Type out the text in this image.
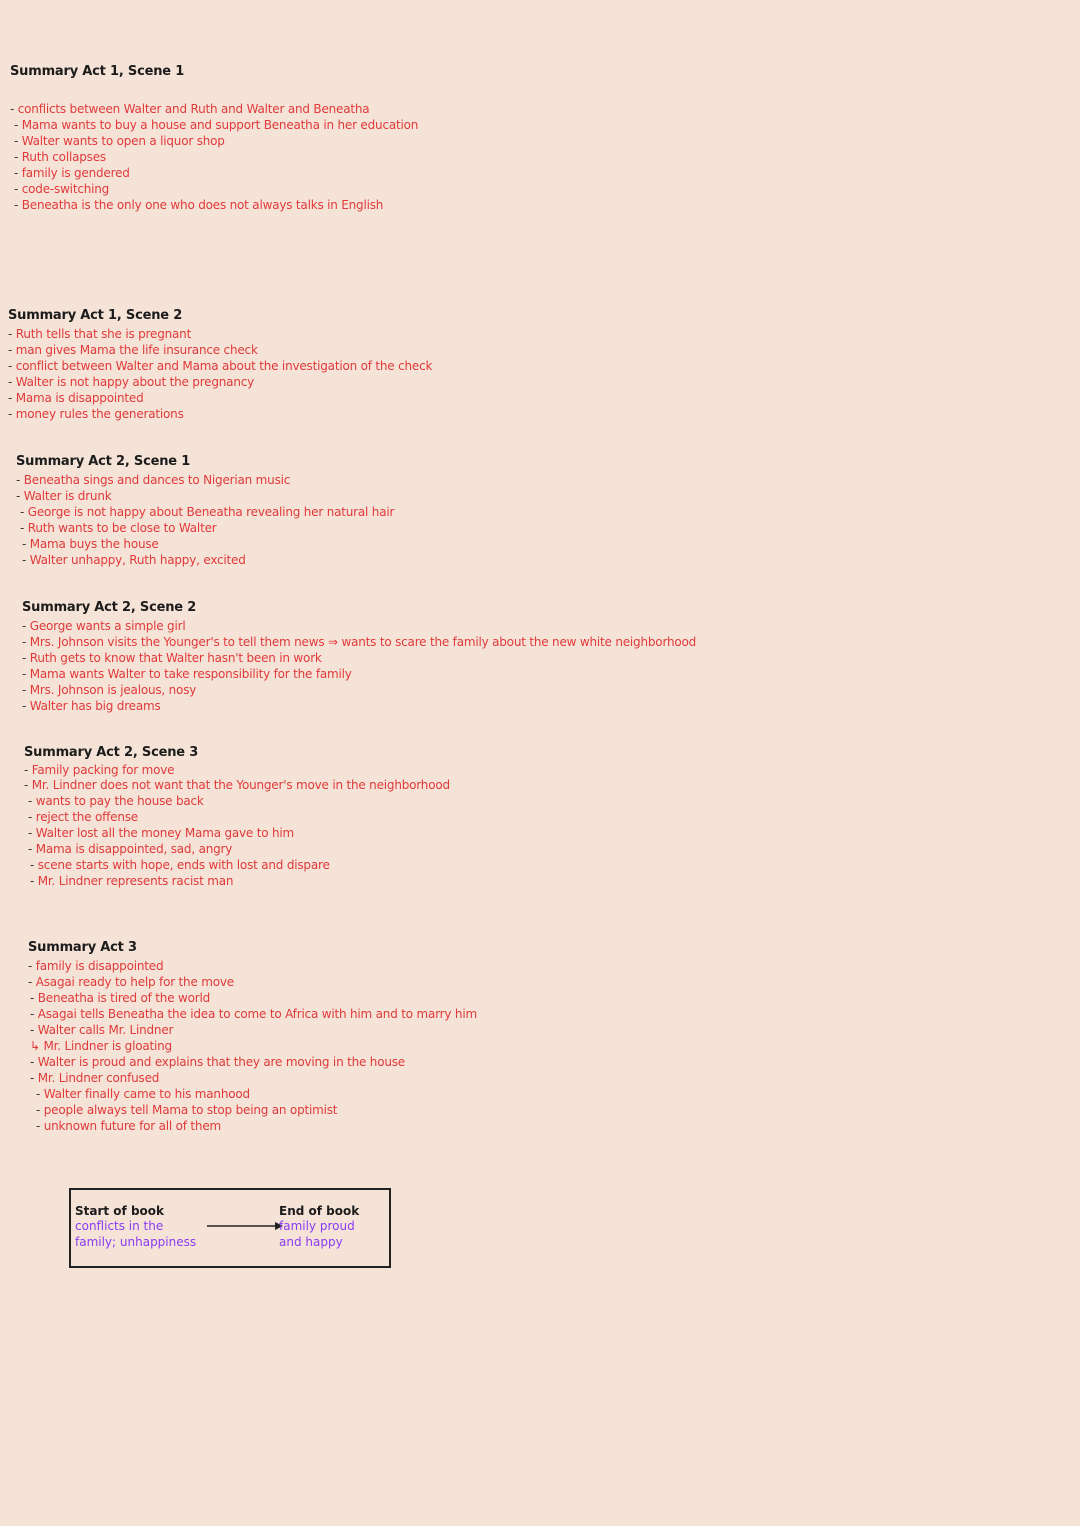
Summary Act 1, Scene 1
- conflicts between Walter and Ruth and Walter and Beneatha
- Mama wants to buy a house and support Beneatha in her education
- Walter wants to open a liquor shop
- Ruth collapses
- family is gendered
- code-switching
- Beneatha is the only one who does not always talks in English
Summary Act 1, Scene 2
- Ruth tells that she is pregnant
- man gives Mama the life insurance check
- conflict between Walter and Mama about the investigation of the check
- Walter is not happy about the pregnancy
- Mama is disappointed
- money rules the generations
Summary Act 2, Scene 1
- Beneatha sings and dances to Nigerian music
- Walter is drunk
- George is not happy about Beneatha revealing her natural hair
- Ruth wants to be close to Walter
- Mama buys the house
- Walter unhappy, Ruth happy, excited
Summary Act 2, Scene 2
- George wants a simple girl
- Mrs. Johnson visits the Younger's to tell them news ⇒ wants to scare the family about the new white neighborhood
- Ruth gets to know that Walter hasn't been in work
- Mama wants Walter to take responsibility for the family
- Mrs. Johnson is jealous, nosy
- Walter has big dreams
Summary Act 2, Scene 3
- Family packing for move
- Mr. Lindner does not want that the Younger's move in the neighborhood
- wants to pay the house back
- reject the offense
- Walter lost all the money Mama gave to him
- Mama is disappointed, sad, angry
- scene starts with hope, ends with lost and dispare
- Mr. Lindner represents racist man
Summary Act 3
- family is disappointed
- Asagai ready to help for the move
- Beneatha is tired of the world
- Asagai tells Beneatha the idea to come to Africa with him and to marry him
- Walter calls Mr. Lindner
↳ Mr. Lindner is gloating
- Walter is proud and explains that they are moving in the house
- Mr. Lindner confused
- Walter finally came to his manhood
- people always tell Mama to stop being an optimist
- unknown future for all of them
Start of book
conflicts in the family; unhappiness
End of book
family proud and happy
